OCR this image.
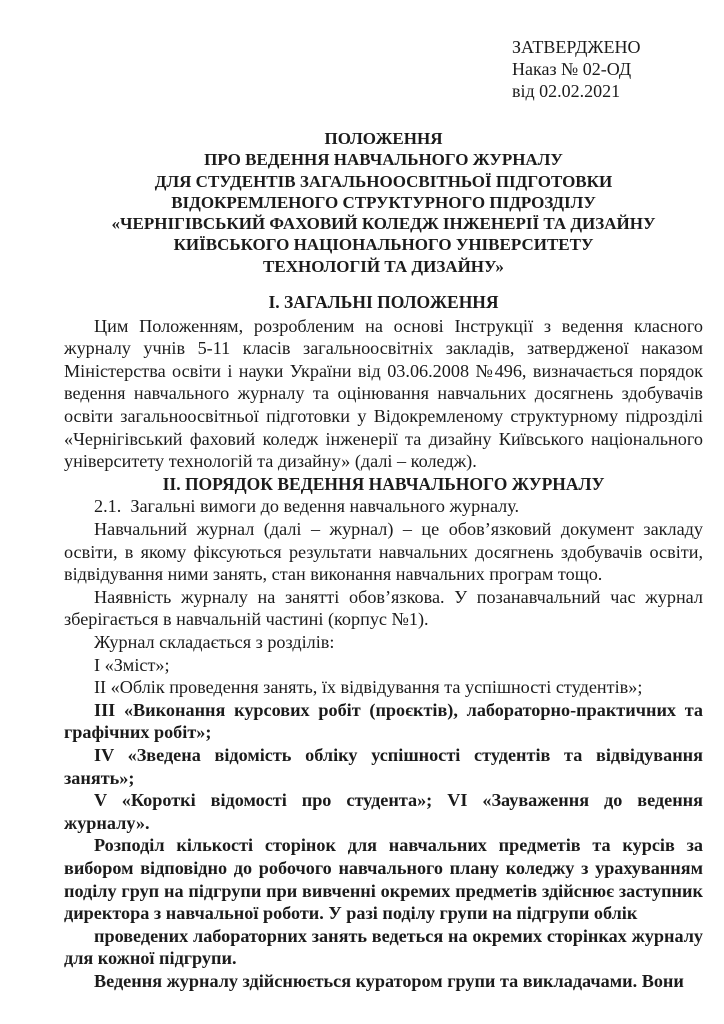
ЗАТВЕРДЖЕНО
Наказ № 02-ОД
від 02.02.2021
ПОЛОЖЕННЯ
ПРО ВЕДЕННЯ НАВЧАЛЬНОГО ЖУРНАЛУ
ДЛЯ СТУДЕНТІВ ЗАГАЛЬНООСВІТНЬОЇ ПІДГОТОВКИ
ВІДОКРЕМЛЕНОГО СТРУКТУРНОГО ПІДРОЗДІЛУ
«ЧЕРНІГІВСЬКИЙ ФАХОВИЙ КОЛЕДЖ ІНЖЕНЕРІЇ ТА ДИЗАЙНУ
КИЇВСЬКОГО НАЦІОНАЛЬНОГО УНІВЕРСИТЕТУ
ТЕХНОЛОГІЙ ТА ДИЗАЙНУ»
І. ЗАГАЛЬНІ ПОЛОЖЕННЯ

Цим Положенням, розробленим на основі Інструкції з ведення класного журналу учнів 5-11 класів загальноосвітніх закладів, затвердженої наказом Міністерства освіти і науки України від 03.06.2008 №496, визначається порядок ведення навчального журналу та оцінювання навчальних досягнень здобувачів освіти загальноосвітньої підготовки у Відокремленому структурному підрозділі «Чернігівський фаховий коледж інженерії та дизайну Київського національного університету технологій та дизайну» (далі – коледж).

ІІ. ПОРЯДОК ВЕДЕННЯ НАВЧАЛЬНОГО ЖУРНАЛУ

2.1.  Загальні вимоги до ведення навчального журналу.

Навчальний журнал (далі – журнал) – це обов’язковий документ закладу освіти, в якому фіксуються результати навчальних досягнень здобувачів освіти, відвідування ними занять, стан виконання навчальних програм тощо.

Наявність журналу на занятті обов’язкова. У позанавчальний час журнал зберігається в навчальній частині (корпус №1).

Журнал складається з розділів:

І «Зміст»;

ІІ «Облік проведення занять, їх відвідування та успішності студентів»;

ІІІ «Виконання курсових робіт (проєктів), лабораторно-практичних та графічних робіт»;

IV «Зведена відомість обліку успішності студентів та відвідування занять»;

V «Короткі відомості про студента»; VI «Зауваження до ведення журналу».

Розподіл кількості сторінок для навчальних предметів та курсів за вибором відповідно до робочого навчального плану коледжу з урахуванням поділу груп на підгрупи при вивченні окремих предметів здійснює заступник директора з навчальної роботи. У разі поділу групи на підгрупи облік

проведених лабораторних занять ведеться на окремих сторінках журналу для кожної підгрупи.

Ведення журналу здійснюється куратором групи та викладачами. Вони
